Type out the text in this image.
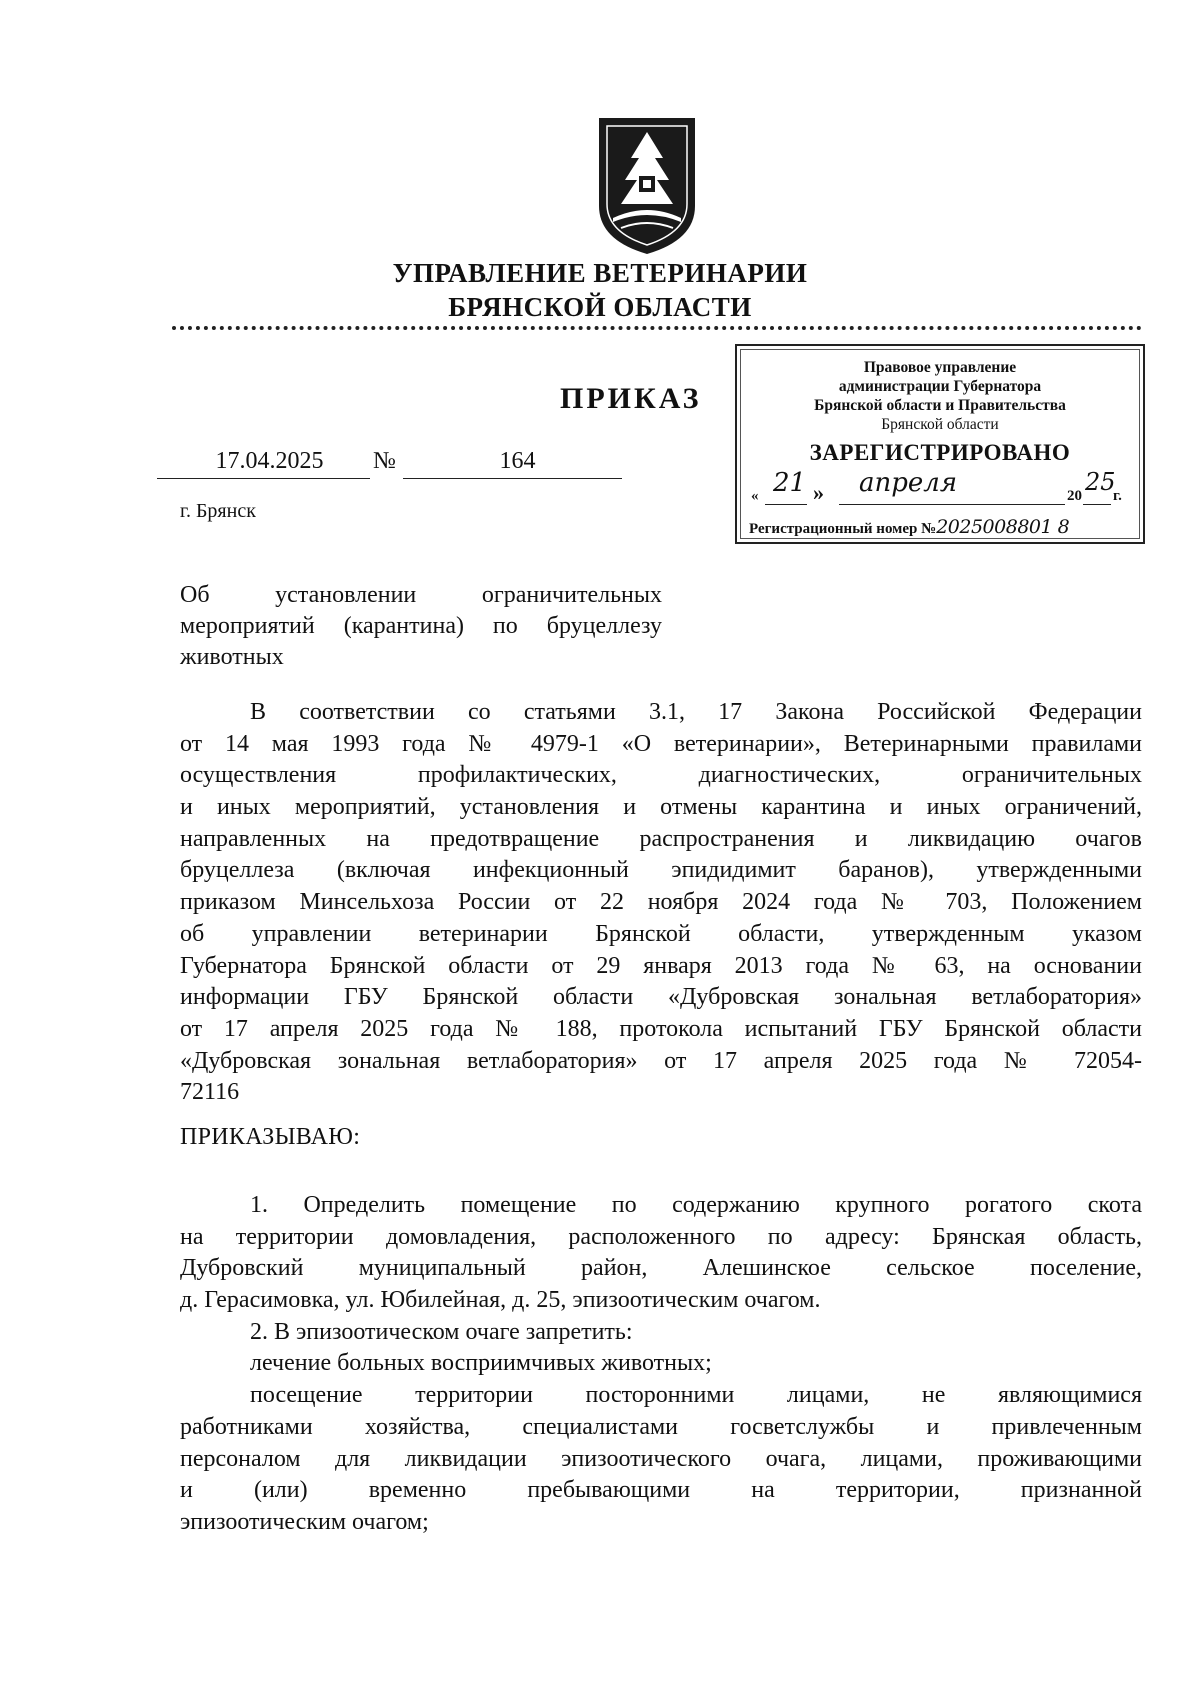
УПРАВЛЕНИЕ ВЕТЕРИНАРИИ
БРЯНСКОЙ ОБЛАСТИ
ПРИКАЗ
17.04.2025	№	164
г. Брянск
Правовое управление
администрации Губернатора
Брянской области и Правительства
Брянской области
ЗАРЕГИСТРИРОВАНО
« 21 » апреля	20 25
г.
Регистрационный номер №2025008801 8
Об установлении ограничительных
мероприятий (карантина) по бруцеллезу
животных
В соответствии со статьями 3.1, 17 Закона Российской Федерации
от 14 мая 1993 года № 4979-1 «О ветеринарии», Ветеринарными правилами
осуществления профилактических, диагностических, ограничительных
и иных мероприятий, установления и отмены карантина и иных ограничений,
направленных на предотвращение распространения и ликвидацию очагов
бруцеллеза (включая инфекционный эпидидимит баранов), утвержденными
приказом Минсельхоза России от 22 ноября 2024 года № 703, Положением
об управлении ветеринарии Брянской области, утвержденным указом
Губернатора Брянской области от 29 января 2013 года № 63, на основании
информации ГБУ Брянской области «Дубровская зональная ветлаборатория»
от 17 апреля 2025 года № 188, протокола испытаний ГБУ Брянской области
«Дубровская зональная ветлаборатория» от 17 апреля 2025 года № 72054-
72116
ПРИКАЗЫВАЮ:
1. Определить помещение по содержанию крупного рогатого скота
на территории домовладения, расположенного по адресу: Брянская область,
Дубровский муниципальный район, Алешинское сельское поселение,
д. Герасимовка, ул. Юбилейная, д. 25, эпизоотическим очагом.
2. В эпизоотическом очаге запретить:
лечение больных восприимчивых животных;
посещение территории посторонними лицами, не являющимися
работниками хозяйства, специалистами госветслужбы и привлеченным
персоналом для ликвидации эпизоотического очага, лицами, проживающими
и (или) временно пребывающими на территории, признанной
эпизоотическим очагом;
